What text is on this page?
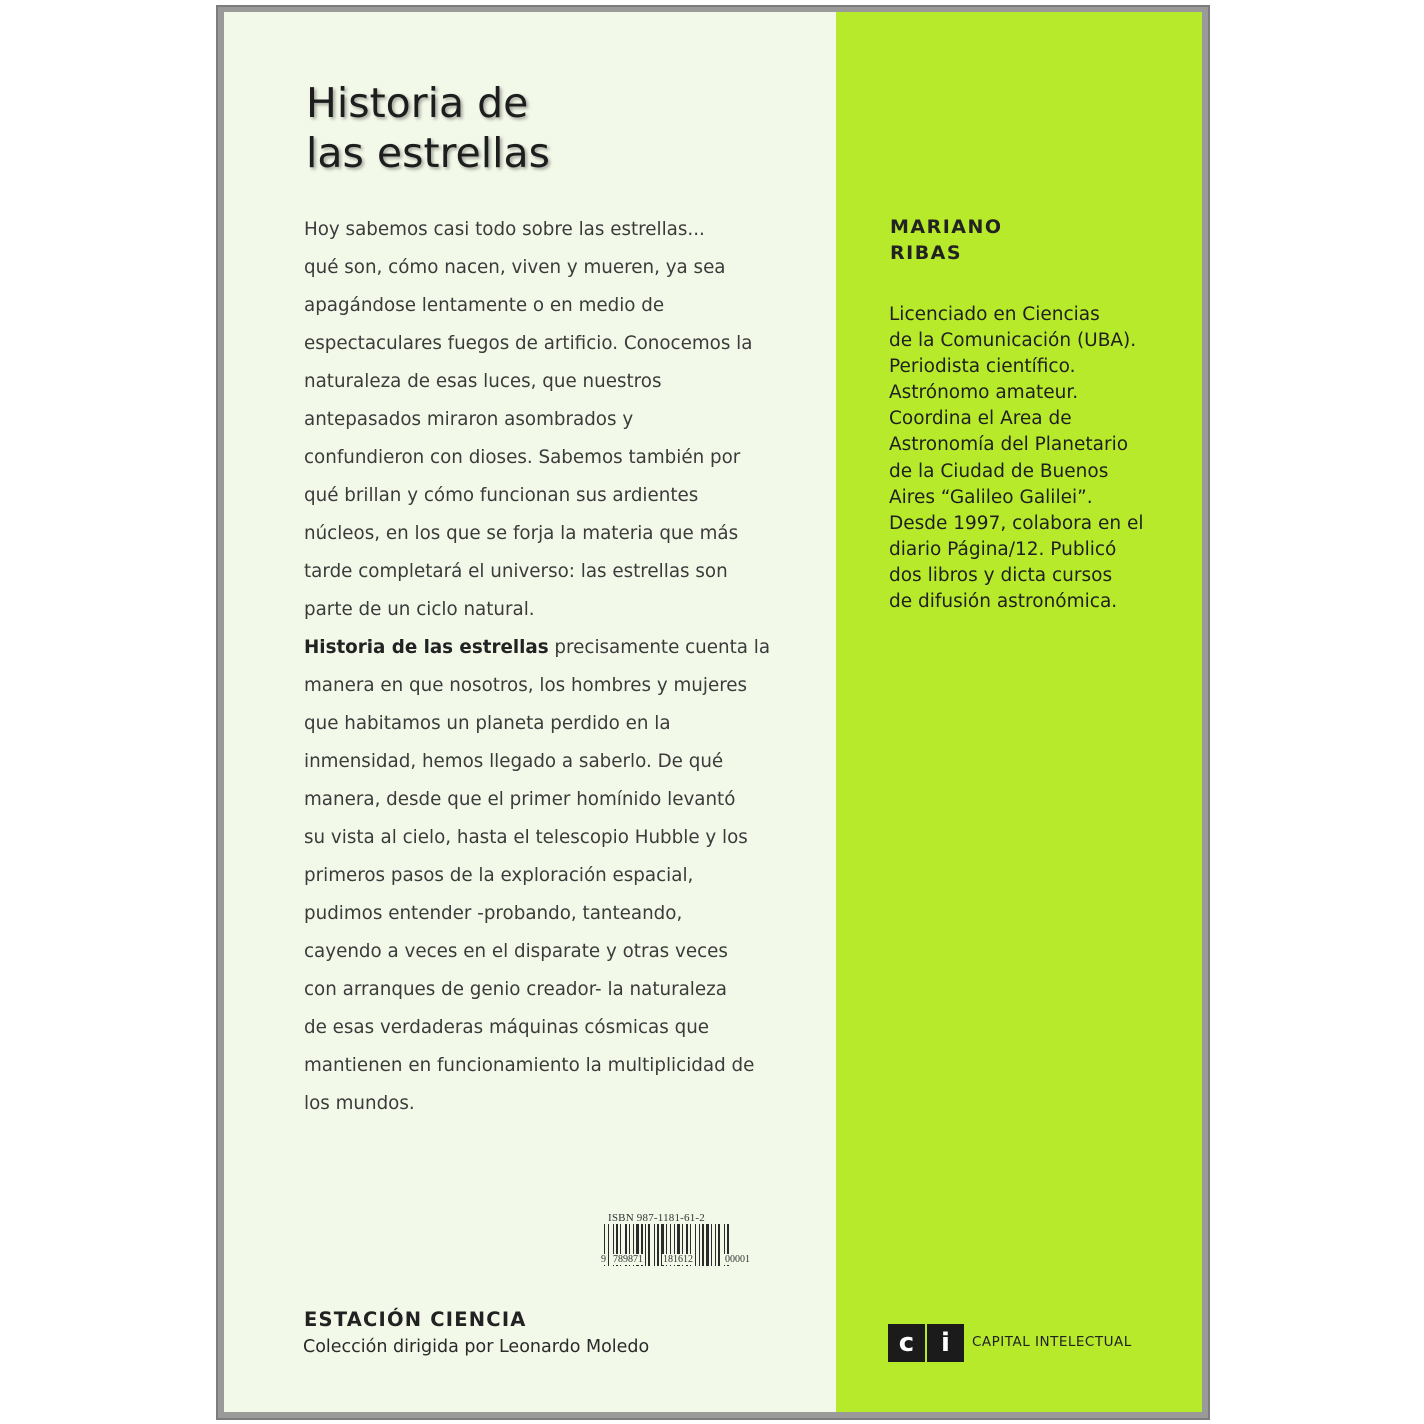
Historia de
las estrellas
Hoy sabemos casi todo sobre las estrellas...
qué son, cómo nacen, viven y mueren, ya sea
apagándose lentamente o en medio de
espectaculares fuegos de artificio. Conocemos la
naturaleza de esas luces, que nuestros
antepasados miraron asombrados y
confundieron con dioses. Sabemos también por
qué brillan y cómo funcionan sus ardientes
núcleos, en los que se forja la materia que más
tarde completará el universo: las estrellas son
parte de un ciclo natural.
Historia de las estrellas precisamente cuenta la
manera en que nosotros, los hombres y mujeres
que habitamos un planeta perdido en la
inmensidad, hemos llegado a saberlo. De qué
manera, desde que el primer homínido levantó
su vista al cielo, hasta el telescopio Hubble y los
primeros pasos de la exploración espacial,
pudimos entender -probando, tanteando,
cayendo a veces en el disparate y otras veces
con arranques de genio creador- la naturaleza
de esas verdaderas máquinas cósmicas que
mantienen en funcionamiento la multiplicidad de
los mundos.
MARIANO
RIBAS
Licenciado en Ciencias
de la Comunicación (UBA).
Periodista científico.
Astrónomo amateur.
Coordina el Area de
Astronomía del Planetario
de la Ciudad de Buenos
Aires “Galileo Galilei”.
Desde 1997, colabora en el
diario Página/12. Publicó
dos libros y dicta cursos
de difusión astronómica.
ISBN 987-1181-61-2
9 789871 181612	00001
ESTACIÓN CIENCIA
Colección dirigida por Leonardo Moledo	c	i	CAPITAL INTELECTUAL
